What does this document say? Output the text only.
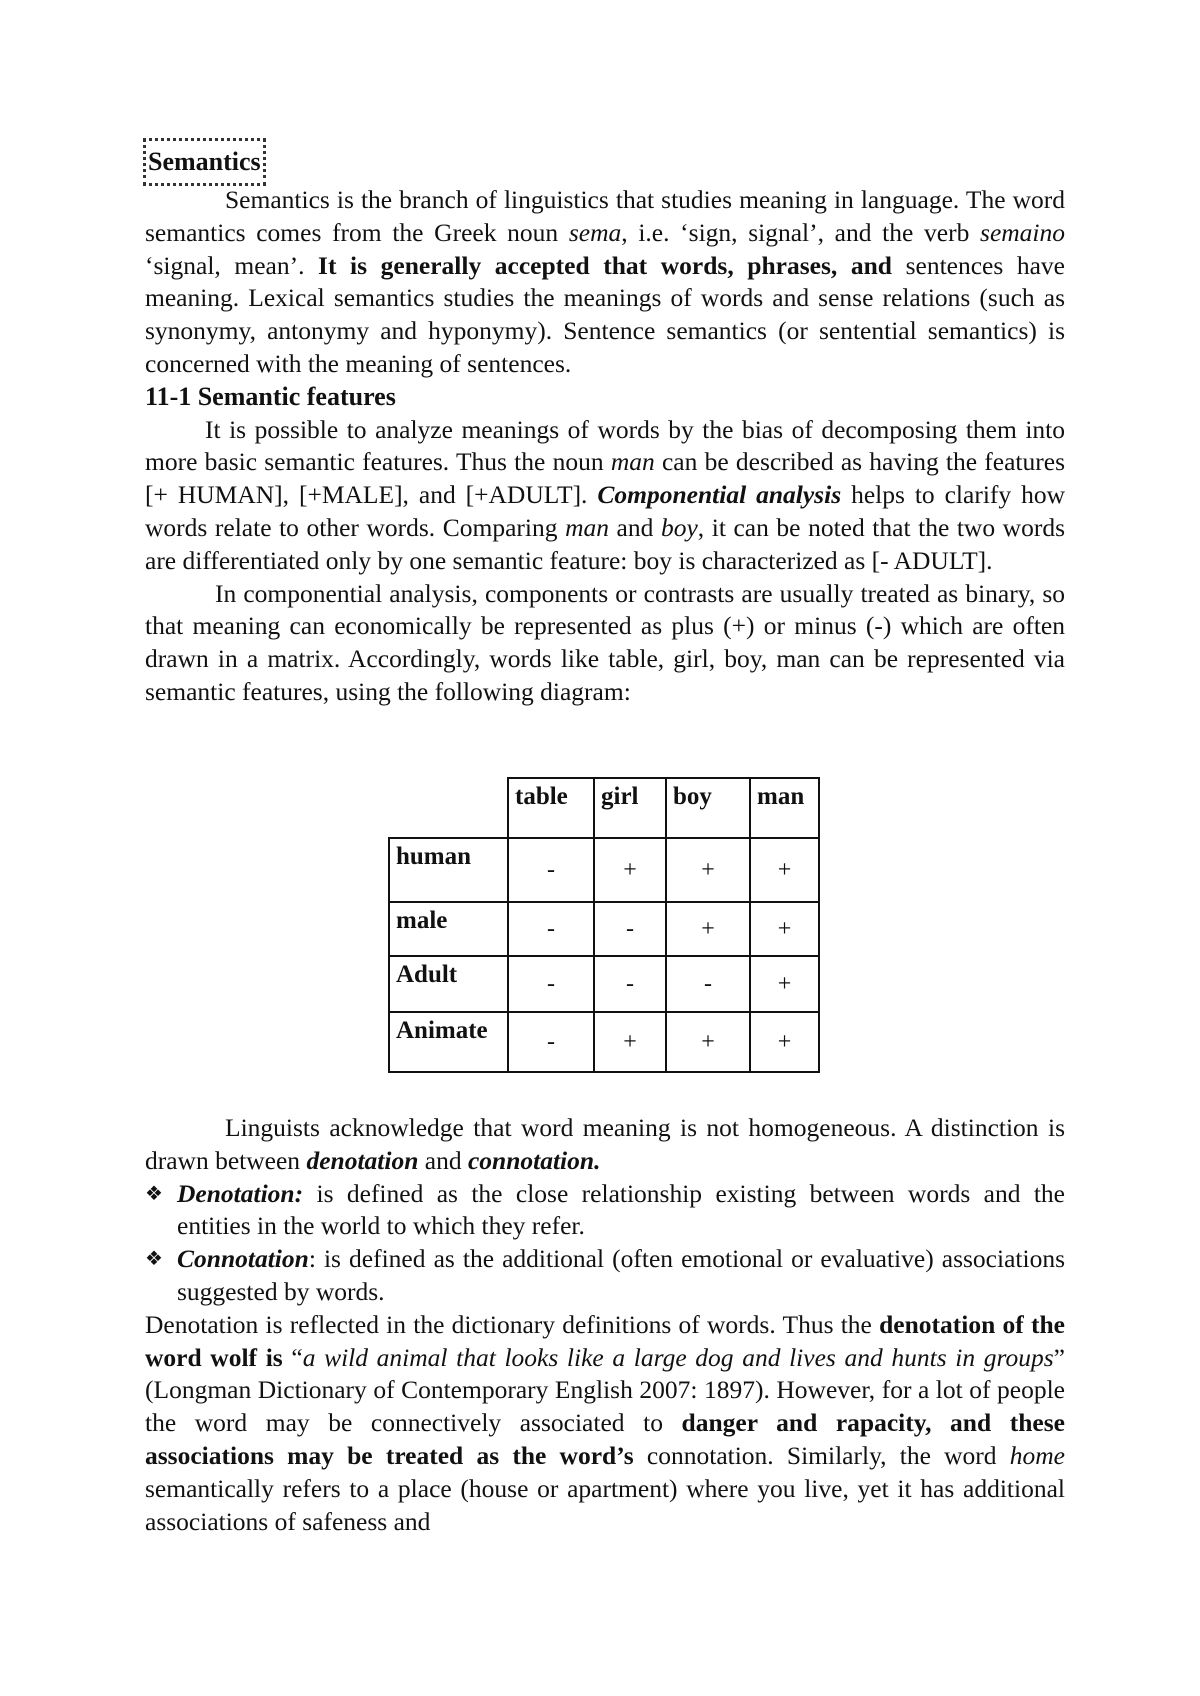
Semantics

Semantics is the branch of linguistics that studies meaning in language. The word semantics comes from the Greek noun sema, i.e. ‘sign, signal’, and the verb semaino ‘signal, mean’. It is generally accepted that words, phrases, and sentences have meaning. Lexical semantics studies the meanings of words and sense relations (such as synonymy, antonymy and hyponymy). Sentence semantics (or sentential semantics) is concerned with the meaning of sentences.

11-1 Semantic features

It is possible to analyze meanings of words by the bias of decomposing them into more basic semantic features. Thus the noun man can be described as having the features [+ HUMAN], [+MALE], and [+ADULT]. Componential analysis helps to clarify how words relate to other words. Comparing man and boy, it can be noted that the two words are differentiated only by one semantic feature: boy is characterized as [- ADULT].

In componential analysis, components or contrasts are usually treated as binary, so that meaning can economically be represented as plus (+) or minus (-) which are often drawn in a matrix. Accordingly, words like table, girl, boy, man can be represented via semantic features, using the following diagram:

	table	girl	boy	man
human	-	+	+	+
male	-	-	+	+
Adult	-	-	-	+
Animate	-	+	+	+

Linguists acknowledge that word meaning is not homogeneous. A distinction is drawn between denotation and connotation.

❖ Denotation: is defined as the close relationship existing between words and the entities in the world to which they refer.
❖ Connotation: is defined as the additional (often emotional or evaluative) associations suggested by words.

Denotation is reflected in the dictionary definitions of words. Thus the denotation of the word wolf is “a wild animal that looks like a large dog and lives and hunts in groups” (Longman Dictionary of Contemporary English 2007: 1897). However, for a lot of people the word may be connectively associated to danger and rapacity, and these associations may be treated as the word’s connotation. Similarly, the word home semantically refers to a place (house or apartment) where you live, yet it has additional associations of safeness and
